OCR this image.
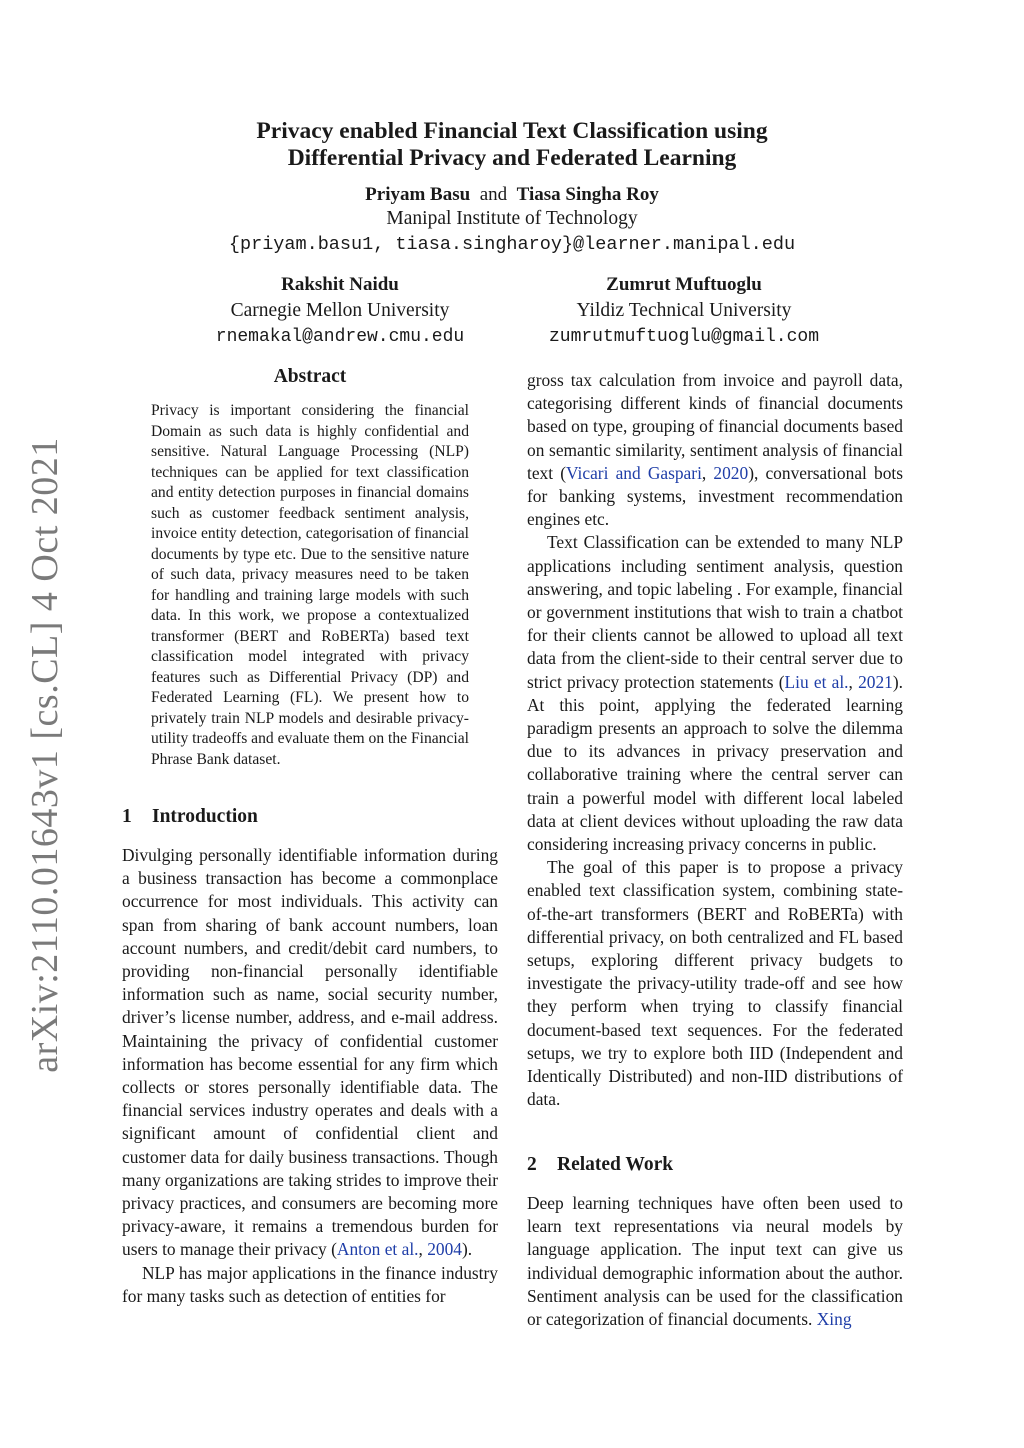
arXiv:2110.01643v1 [cs.CL] 4 Oct 2021
Privacy enabled Financial Text Classification using
Differential Privacy and Federated Learning
Priyam Basu and Tiasa Singha Roy
Manipal Institute of Technology
{priyam.basu1, tiasa.singharoy}@learner.manipal.edu
Rakshit Naidu
Carnegie Mellon University
rnemakal@andrew.cmu.edu
Zumrut Muftuoglu
Yildiz Technical University
zumrutmuftuoglu@gmail.com
Abstract
Privacy is important considering the financial Domain as such data is highly confidential and sensitive. Natural Language Processing (NLP) techniques can be applied for text classification and entity detection purposes in financial domains such as customer feedback sentiment analysis, invoice entity detection, categorisation of financial documents by type etc. Due to the sensitive nature of such data, privacy measures need to be taken for handling and training large models with such data. In this work, we propose a contextualized transformer (BERT and RoBERTa) based text classification model integrated with privacy features such as Differential Privacy (DP) and Federated Learning (FL). We present how to privately train NLP models and desirable privacy-utility tradeoffs and evaluate them on the Financial Phrase Bank dataset.
1 Introduction

Divulging personally identifiable information during a business transaction has become a commonplace occurrence for most individuals. This activity can span from sharing of bank account numbers, loan account numbers, and credit/debit card numbers, to providing non-financial personally identifiable information such as name, social security number, driver’s license number, address, and e-mail address. Maintaining the privacy of confidential customer information has become essential for any firm which collects or stores personally identifiable data. The financial services industry operates and deals with a significant amount of confidential client and customer data for daily business transactions. Though many organizations are taking strides to improve their privacy practices, and consumers are becoming more privacy-aware, it remains a tremendous burden for users to manage their privacy (Anton et al., 2004).

NLP has major applications in the finance industry for many tasks such as detection of entities for

gross tax calculation from invoice and payroll data, categorising different kinds of financial documents based on type, grouping of financial documents based on semantic similarity, sentiment analysis of financial text (Vicari and Gaspari, 2020), conversational bots for banking systems, investment recommendation engines etc.

Text Classification can be extended to many NLP applications including sentiment analysis, question answering, and topic labeling . For example, financial or government institutions that wish to train a chatbot for their clients cannot be allowed to upload all text data from the client-side to their central server due to strict privacy protection statements (Liu et al., 2021). At this point, applying the federated learning paradigm presents an approach to solve the dilemma due to its advances in privacy preservation and collaborative training where the central server can train a powerful model with different local labeled data at client devices without uploading the raw data considering increasing privacy concerns in public.

The goal of this paper is to propose a privacy enabled text classification system, combining state-of-the-art transformers (BERT and RoBERTa) with differential privacy, on both centralized and FL based setups, exploring different privacy budgets to investigate the privacy-utility trade-off and see how they perform when trying to classify financial document-based text sequences. For the federated setups, we try to explore both IID (Independent and Identically Distributed) and non-IID distributions of data.

2 Related Work

Deep learning techniques have often been used to learn text representations via neural models by language application. The input text can give us individual demographic information about the author. Sentiment analysis can be used for the classification or categorization of financial documents. Xing
